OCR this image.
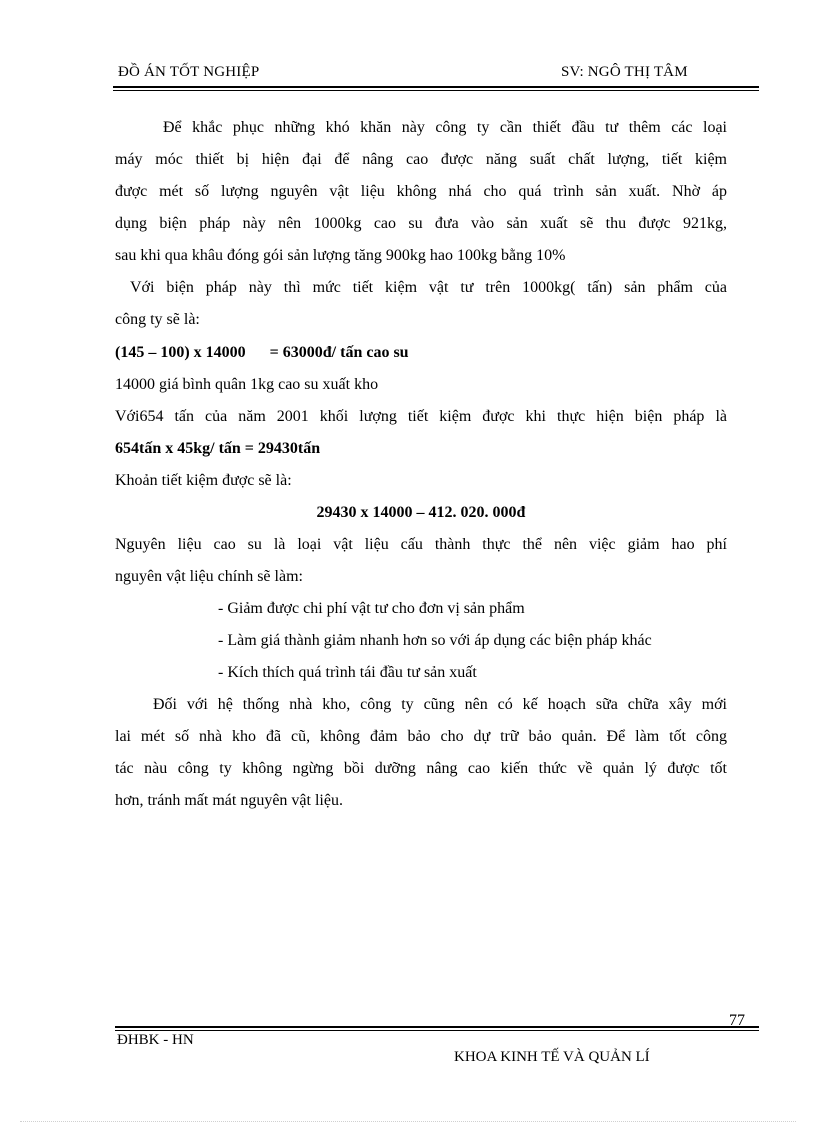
ĐỒ ÁN TỐT NGHIỆP	SV: NGÔ THỊ TÂM
Để khắc phục những khó khăn này công ty cần thiết đầu tư thêm các loại
máy móc thiết bị hiện đại để nâng cao được năng suất chất lượng, tiết kiệm
được mét số lượng nguyên vật liệu không nhá cho quá trình sản xuất. Nhờ áp
dụng biện pháp này nên 1000kg cao su đưa vào sản xuất sẽ thu được 921kg,
sau khi qua khâu đóng gói sản lượng tăng 900kg hao 100kg bằng 10%
Với biện pháp này thì mức tiết kiệm vật tư trên 1000kg( tấn) sản phẩm của
công ty sẽ là:
(145 – 100) x 14000      = 63000đ/ tấn cao su
14000 giá bình quân 1kg cao su xuất kho
Với654 tấn của năm 2001 khối lượng tiết kiệm được khi thực hiện biện pháp là
654tấn x 45kg/ tấn = 29430tấn
Khoản tiết kiệm được sẽ là:
29430 x 14000 – 412. 020. 000đ
Nguyên liệu cao su là loại vật liệu cấu thành thực thể nên việc giảm hao phí
nguyên vật liệu chính sẽ làm:
- Giảm được chi phí vật tư cho đơn vị sản phẩm
- Làm giá thành giảm nhanh hơn so với áp dụng các biện pháp khác
- Kích thích quá trình tái đầu tư sản xuất
Đối với hệ thống nhà kho, công ty cũng nên có kế hoạch sữa chữa xây mới
lai mét số nhà kho đã cũ, không đảm bảo cho dự trữ bảo quản. Để làm tốt công
tác nàu công ty không ngừng bồi dưỡng nâng cao kiến thức về quản lý được tốt
hơn, tránh mất mát nguyên vật liệu.
77
ĐHBK - HN
KHOA KINH TẾ VÀ QUẢN LÍ
